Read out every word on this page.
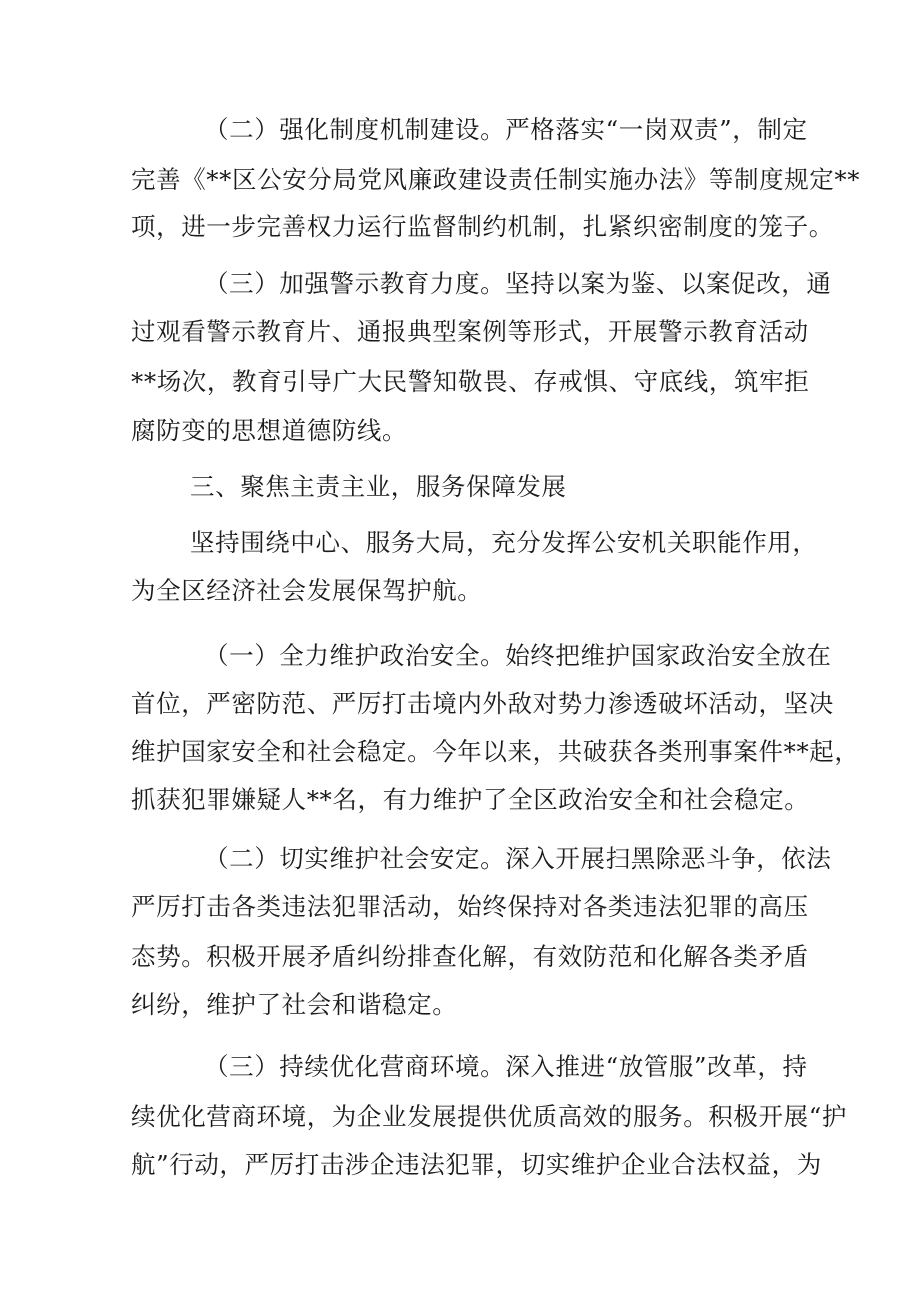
（二）强化制度机制建设。严格落实“一岗双责”，制定
完善《**区公安分局党风廉政建设责任制实施办法》等制度规定**
项，进一步完善权力运行监督制约机制，扎紧织密制度的笼子。
（三）加强警示教育力度。坚持以案为鉴、以案促改，通
过观看警示教育片、通报典型案例等形式，开展警示教育活动
**场次，教育引导广大民警知敬畏、存戒惧、守底线，筑牢拒
腐防变的思想道德防线。
三、聚焦主责主业，服务保障发展
坚持围绕中心、服务大局，充分发挥公安机关职能作用，
为全区经济社会发展保驾护航。
（一）全力维护政治安全。始终把维护国家政治安全放在
首位，严密防范、严厉打击境内外敌对势力渗透破坏活动，坚决
维护国家安全和社会稳定。今年以来，共破获各类刑事案件**起，
抓获犯罪嫌疑人**名，有力维护了全区政治安全和社会稳定。
（二）切实维护社会安定。深入开展扫黑除恶斗争，依法
严厉打击各类违法犯罪活动，始终保持对各类违法犯罪的高压
态势。积极开展矛盾纠纷排查化解，有效防范和化解各类矛盾
纠纷，维护了社会和谐稳定。
（三）持续优化营商环境。深入推进“放管服”改革，持
续优化营商环境，为企业发展提供优质高效的服务。积极开展“护
航”行动，严厉打击涉企违法犯罪，切实维护企业合法权益，为
